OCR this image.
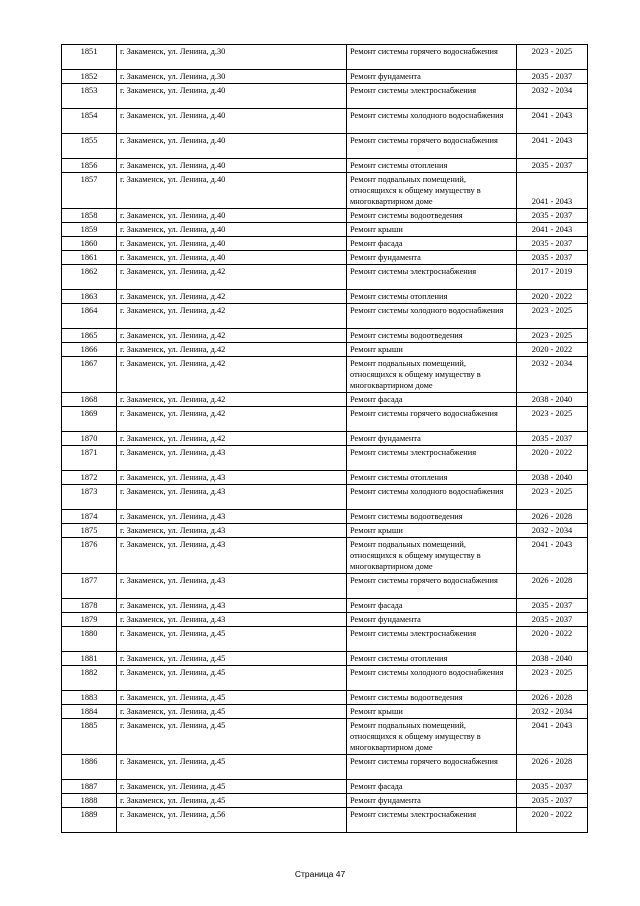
1851	г. Закаменск, ул. Ленина, д.30	Ремонт системы горячего водоснабжения	2023 - 2025
1852	г. Закаменск, ул. Ленина, д.30	Ремонт фундамента	2035 - 2037
1853	г. Закаменск, ул. Ленина, д.40	Ремонт системы электроснабжения	2032 - 2034
1854	г. Закаменск, ул. Ленина, д.40	Ремонт системы холодного водоснабжения	2041 - 2043
1855	г. Закаменск, ул. Ленина, д.40	Ремонт системы горячего водоснабжения	2041 - 2043
1856	г. Закаменск, ул. Ленина, д.40	Ремонт системы отопления	2035 - 2037
1857	г. Закаменск, ул. Ленина, д.40	Ремонт подвальных помещений, относящихся к общему имуществу в многоквартирном доме	2041 - 2043
1858	г. Закаменск, ул. Ленина, д.40	Ремонт системы водоотведения	2035 - 2037
1859	г. Закаменск, ул. Ленина, д.40	Ремонт крыши	2041 - 2043
1860	г. Закаменск, ул. Ленина, д.40	Ремонт фасада	2035 - 2037
1861	г. Закаменск, ул. Ленина, д.40	Ремонт фундамента	2035 - 2037
1862	г. Закаменск, ул. Ленина, д.42	Ремонт системы электроснабжения	2017 - 2019
1863	г. Закаменск, ул. Ленина, д.42	Ремонт системы отопления	2020 - 2022
1864	г. Закаменск, ул. Ленина, д.42	Ремонт системы холодного водоснабжения	2023 - 2025
1865	г. Закаменск, ул. Ленина, д.42	Ремонт системы водоотведения	2023 - 2025
1866	г. Закаменск, ул. Ленина, д.42	Ремонт крыши	2020 - 2022
1867	г. Закаменск, ул. Ленина, д.42	Ремонт подвальных помещений, относящихся к общему имуществу в многоквартирном доме	2032 - 2034
1868	г. Закаменск, ул. Ленина, д.42	Ремонт фасада	2038 - 2040
1869	г. Закаменск, ул. Ленина, д.42	Ремонт системы горячего водоснабжения	2023 - 2025
1870	г. Закаменск, ул. Ленина, д.42	Ремонт фундамента	2035 - 2037
1871	г. Закаменск, ул. Ленина, д.43	Ремонт системы электроснабжения	2020 - 2022
1872	г. Закаменск, ул. Ленина, д.43	Ремонт системы отопления	2038 - 2040
1873	г. Закаменск, ул. Ленина, д.43	Ремонт системы холодного водоснабжения	2023 - 2025
1874	г. Закаменск, ул. Ленина, д.43	Ремонт системы водоотведения	2026 - 2028
1875	г. Закаменск, ул. Ленина, д.43	Ремонт крыши	2032 - 2034
1876	г. Закаменск, ул. Ленина, д.43	Ремонт подвальных помещений, относящихся к общему имуществу в многоквартирном доме	2041 - 2043
1877	г. Закаменск, ул. Ленина, д.43	Ремонт системы горячего водоснабжения	2026 - 2028
1878	г. Закаменск, ул. Ленина, д.43	Ремонт фасада	2035 - 2037
1879	г. Закаменск, ул. Ленина, д.43	Ремонт фундамента	2035 - 2037
1880	г. Закаменск, ул. Ленина, д.45	Ремонт системы электроснабжения	2020 - 2022
1881	г. Закаменск, ул. Ленина, д.45	Ремонт системы отопления	2038 - 2040
1882	г. Закаменск, ул. Ленина, д.45	Ремонт системы холодного водоснабжения	2023 - 2025
1883	г. Закаменск, ул. Ленина, д.45	Ремонт системы водоотведения	2026 - 2028
1884	г. Закаменск, ул. Ленина, д.45	Ремонт крыши	2032 - 2034
1885	г. Закаменск, ул. Ленина, д.45	Ремонт подвальных помещений, относящихся к общему имуществу в многоквартирном доме	2041 - 2043
1886	г. Закаменск, ул. Ленина, д.45	Ремонт системы горячего водоснабжения	2026 - 2028
1887	г. Закаменск, ул. Ленина, д.45	Ремонт фасада	2035 - 2037
1888	г. Закаменск, ул. Ленина, д.45	Ремонт фундамента	2035 - 2037
1889	г. Закаменск, ул. Ленина, д.56	Ремонт системы электроснабжения	2020 - 2022
Страница 47
